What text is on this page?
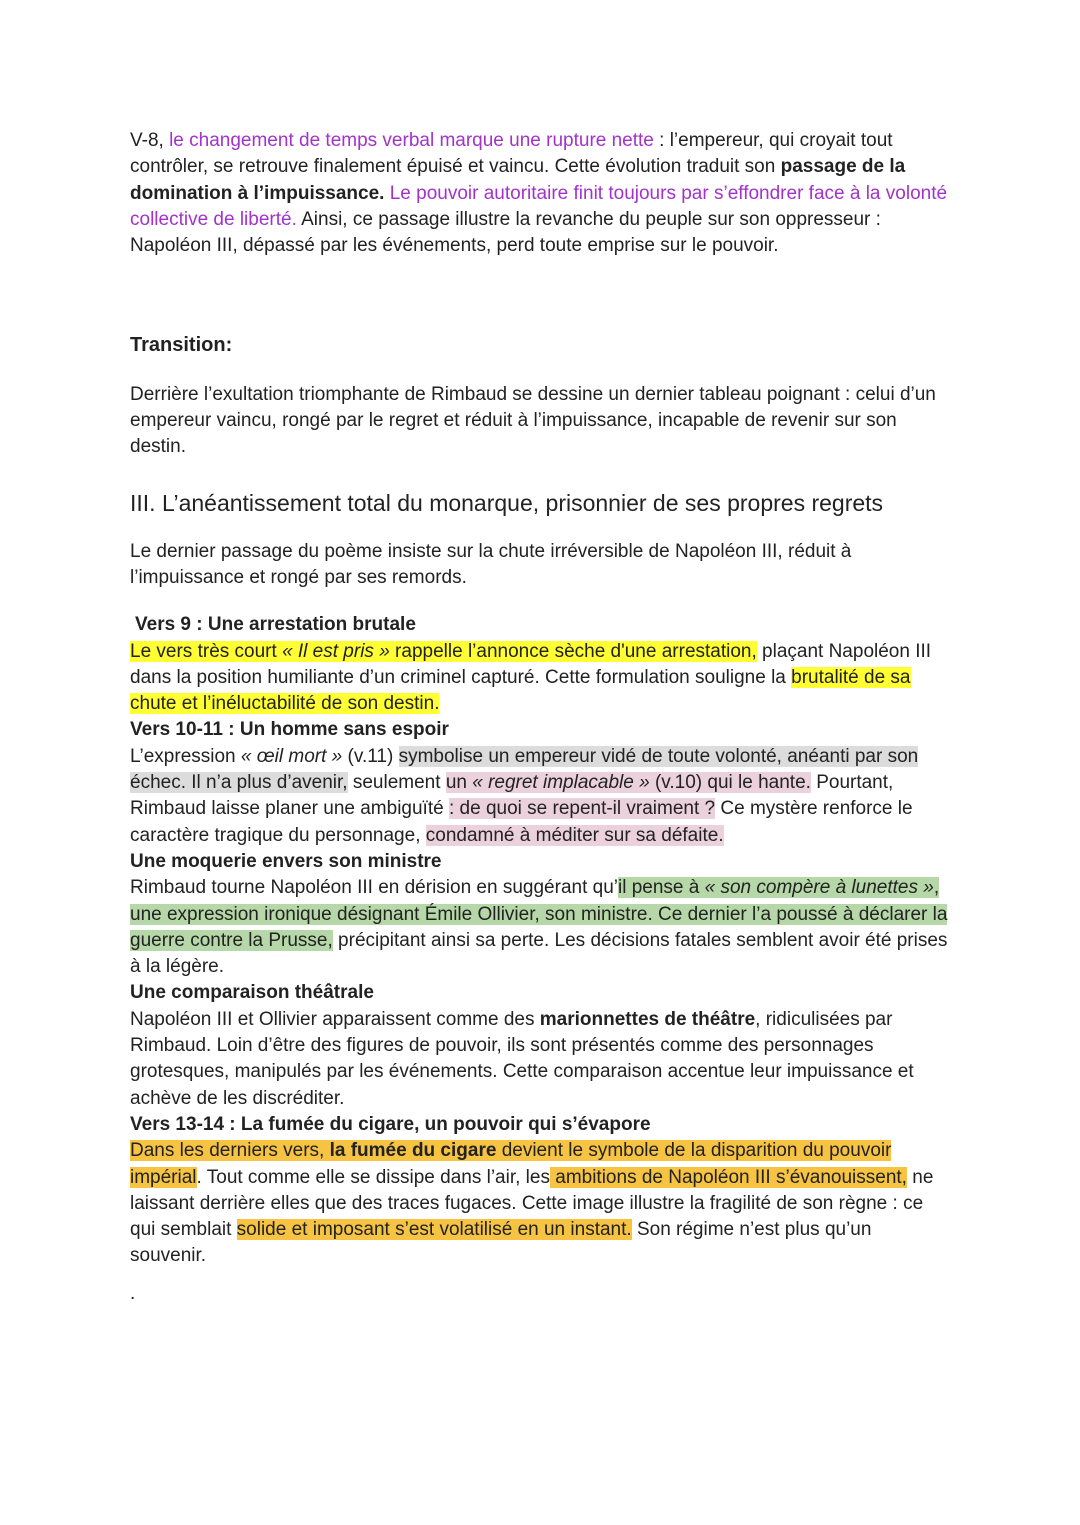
V-8, le changement de temps verbal marque une rupture nette : l’empereur, qui croyait tout contrôler, se retrouve finalement épuisé et vaincu. Cette évolution traduit son passage de la domination à l’impuissance. Le pouvoir autoritaire finit toujours par s’effondrer face à la volonté collective de liberté. Ainsi, ce passage illustre la revanche du peuple sur son oppresseur : Napoléon III, dépassé par les événements, perd toute emprise sur le pouvoir.

Transition:

Derrière l’exultation triomphante de Rimbaud se dessine un dernier tableau poignant : celui d’un empereur vaincu, rongé par le regret et réduit à l’impuissance, incapable de revenir sur son destin.

III. L’anéantissement total du monarque, prisonnier de ses propres regrets

Le dernier passage du poème insiste sur la chute irréversible de Napoléon III, réduit à l’impuissance et rongé par ses remords.

Vers 9 : Une arrestation brutale
Le vers très court « Il est pris » rappelle l’annonce sèche d'une arrestation, plaçant Napoléon III dans la position humiliante d’un criminel capturé. Cette formulation souligne la brutalité de sa chute et l’inéluctabilité de son destin.
Vers 10-11 : Un homme sans espoir
L’expression « œil mort » (v.11) symbolise un empereur vidé de toute volonté, anéanti par son échec. Il n’a plus d’avenir, seulement un « regret implacable » (v.10) qui le hante. Pourtant, Rimbaud laisse planer une ambiguïté : de quoi se repent-il vraiment ? Ce mystère renforce le caractère tragique du personnage, condamné à méditer sur sa défaite.
Une moquerie envers son ministre
Rimbaud tourne Napoléon III en dérision en suggérant qu’il pense à « son compère à lunettes », une expression ironique désignant Émile Ollivier, son ministre. Ce dernier l’a poussé à déclarer la guerre contre la Prusse, précipitant ainsi sa perte. Les décisions fatales semblent avoir été prises à la légère.
Une comparaison théâtrale
Napoléon III et Ollivier apparaissent comme des marionnettes de théâtre, ridiculisées par Rimbaud. Loin d’être des figures de pouvoir, ils sont présentés comme des personnages grotesques, manipulés par les événements. Cette comparaison accentue leur impuissance et achève de les discréditer.
Vers 13-14 : La fumée du cigare, un pouvoir qui s’évapore
Dans les derniers vers, la fumée du cigare devient le symbole de la disparition du pouvoir impérial. Tout comme elle se dissipe dans l’air, les ambitions de Napoléon III s’évanouissent, ne laissant derrière elles que des traces fugaces. Cette image illustre la fragilité de son règne : ce qui semblait solide et imposant s’est volatilisé en un instant. Son régime n’est plus qu’un souvenir.

.
